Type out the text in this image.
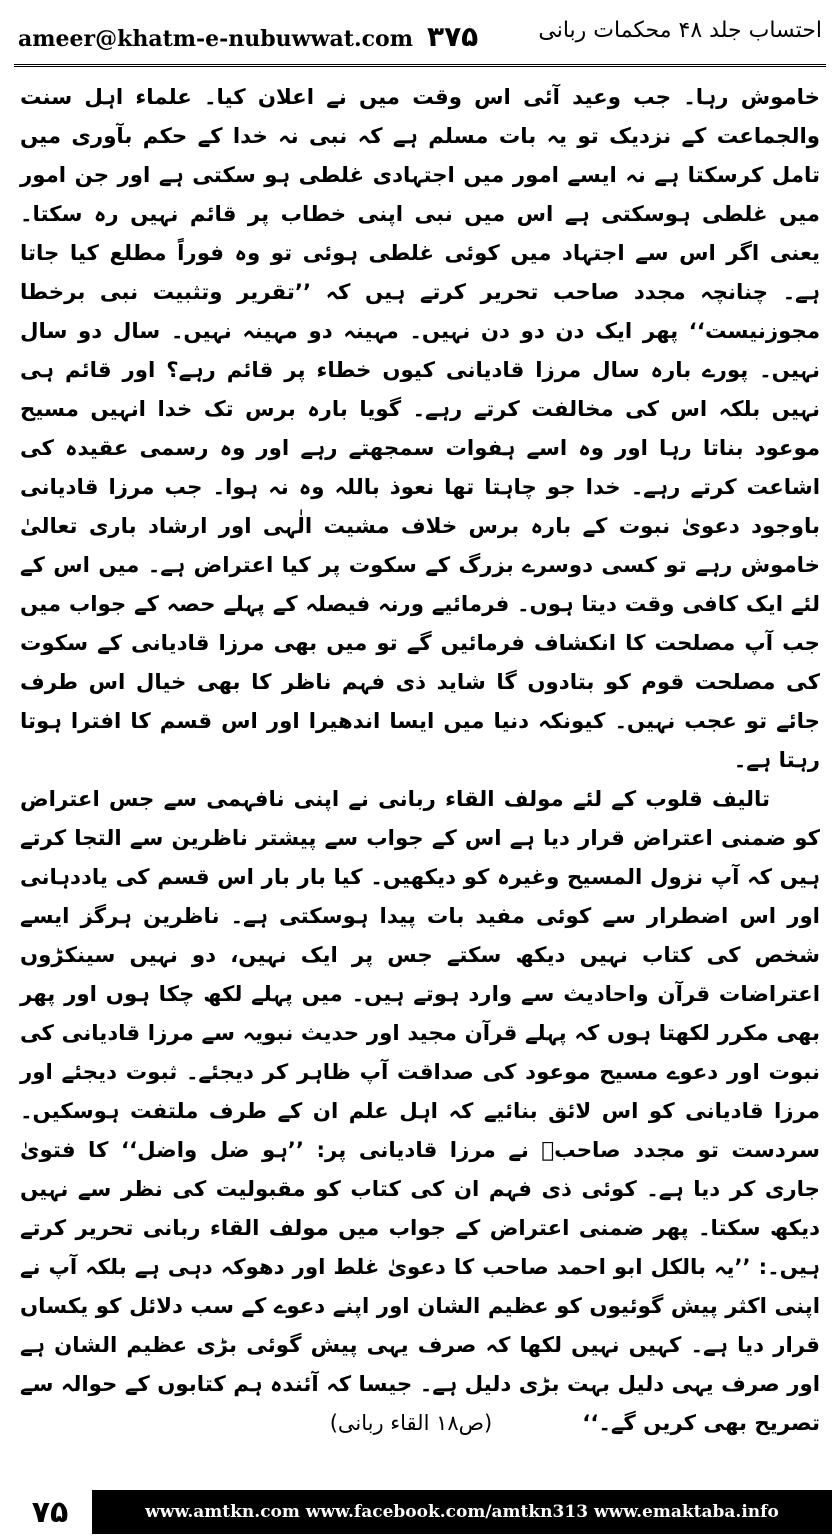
ameer@khatm-e-nubuwwat.com ۳۷۵	احتساب جلد ۴۸ محکمات ربانی

خاموش رہا۔ جب وعید آئی اس وقت میں نے اعلان کیا۔ علماء اہل سنت والجماعت کے نزدیک تو یہ بات مسلم ہے کہ نبی نہ خدا کے حکم بآوری میں تامل کرسکتا ہے نہ ایسے امور میں اجتہادی غلطی ہو سکتی ہے اور جن امور میں غلطی ہوسکتی ہے اس میں نبی اپنی خطاب پر قائم نہیں رہ سکتا۔ یعنی اگر اس سے اجتہاد میں کوئی غلطی ہوئی تو وہ فوراً مطلع کیا جاتا ہے۔ چنانچہ مجدد صاحب تحریر کرتے ہیں کہ ’’تقریر وتثبیت نبی برخطا مجوزنیست‘‘ پھر ایک دن دو دن نہیں۔ مہینہ دو مہینہ نہیں۔ سال دو سال نہیں۔ پورے بارہ سال مرزا قادیانی کیوں خطاء پر قائم رہے؟ اور قائم ہی نہیں بلکہ اس کی مخالفت کرتے رہے۔ گویا بارہ برس تک خدا انہیں مسیح موعود بناتا رہا اور وہ اسے ہفوات سمجھتے رہے اور وہ رسمی عقیدہ کی اشاعت کرتے رہے۔ خدا جو چاہتا تھا نعوذ باللہ وہ نہ ہوا۔ جب مرزا قادیانی باوجود دعویٰ نبوت کے بارہ برس خلاف مشیت الٰہی اور ارشاد باری تعالیٰ خاموش رہے تو کسی دوسرے بزرگ کے سکوت پر کیا اعتراض ہے۔ میں اس کے لئے ایک کافی وقت دیتا ہوں۔ فرمائیے ورنہ فیصلہ کے پہلے حصہ کے جواب میں جب آپ مصلحت کا انکشاف فرمائیں گے تو میں بھی مرزا قادیانی کے سکوت کی مصلحت قوم کو بتادوں گا شاید ذی فہم ناظر کا بھی خیال اس طرف جائے تو عجب نہیں۔ کیونکہ دنیا میں ایسا اندھیرا اور اس قسم کا افترا ہوتا رہتا ہے۔

تالیف قلوب کے لئے مولف القاء ربانی نے اپنی نافہمی سے جس اعتراض کو ضمنی اعتراض قرار دیا ہے اس کے جواب سے پیشتر ناظرین سے التجا کرتے ہیں کہ آپ نزول المسیح وغیرہ کو دیکھیں۔ کیا بار بار اس قسم کی یاددہانی اور اس اضطرار سے کوئی مفید بات پیدا ہوسکتی ہے۔ ناظرین ہرگز ایسے شخص کی کتاب نہیں دیکھ سکتے جس پر ایک نہیں، دو نہیں سینکڑوں اعتراضات قرآن واحادیث سے وارد ہوتے ہیں۔ میں پہلے لکھ چکا ہوں اور پھر بھی مکرر لکھتا ہوں کہ پہلے قرآن مجید اور حدیث نبویہ سے مرزا قادیانی کی نبوت اور دعوے مسیح موعود کی صداقت آپ ظاہر کر دیجئے۔ ثبوت دیجئے اور مرزا قادیانی کو اس لائق بنائیے کہ اہل علم ان کے طرف ملتفت ہوسکیں۔ سردست تو مجدد صاحبؒ نے مرزا قادیانی پر: ’’ہو ضل واضل‘‘ کا فتویٰ جاری کر دیا ہے۔ کوئی ذی فہم ان کی کتاب کو مقبولیت کی نظر سے نہیں دیکھ سکتا۔ پھر ضمنی اعتراض کے جواب میں مولف القاء ربانی تحریر کرتے ہیں۔: ’’یہ بالکل ابو احمد صاحب کا دعویٰ غلط اور دھوکہ دہی ہے بلکہ آپ نے اپنی اکثر پیش گوئیوں کو عظیم الشان اور اپنے دعوے کے سب دلائل کو یکساں قرار دیا ہے۔ کہیں نہیں لکھا کہ صرف یہی پیش گوئی بڑی عظیم الشان ہے اور صرف یہی دلیل بہت بڑی دلیل ہے۔ جیسا کہ آئندہ ہم کتابوں کے حوالہ سے تصریح بھی کریں گے۔‘‘(ص۱۸ القاء ربانی)

۷۵	www.amtkn.com www.facebook.com/amtkn313 www.emaktaba.info
